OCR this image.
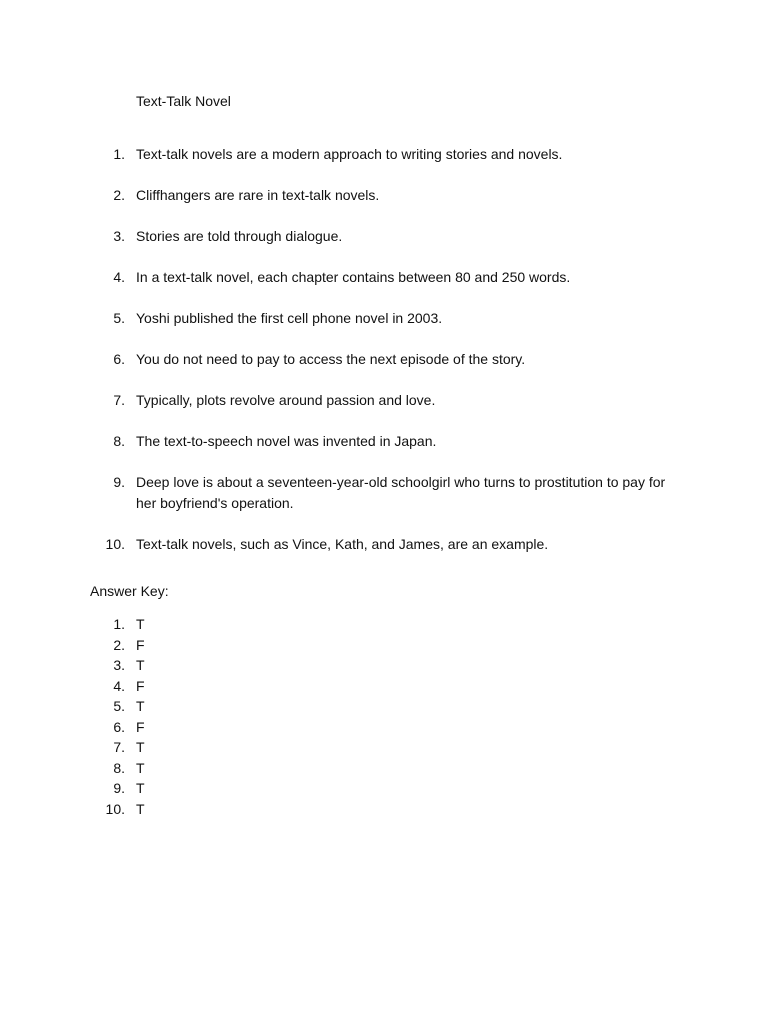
Text-Talk Novel
1. Text-talk novels are a modern approach to writing stories and novels.
2. Cliffhangers are rare in text-talk novels.
3. Stories are told through dialogue.
4. In a text-talk novel, each chapter contains between 80 and 250 words.
5. Yoshi published the first cell phone novel in 2003.
6. You do not need to pay to access the next episode of the story.
7. Typically, plots revolve around passion and love.
8. The text-to-speech novel was invented in Japan.
9. Deep love is about a seventeen-year-old schoolgirl who turns to prostitution to pay for her boyfriend's operation.
10. Text-talk novels, such as Vince, Kath, and James, are an example.
Answer Key:
1. T
2. F
3. T
4. F
5. T
6. F
7. T
8. T
9. T
10. T
